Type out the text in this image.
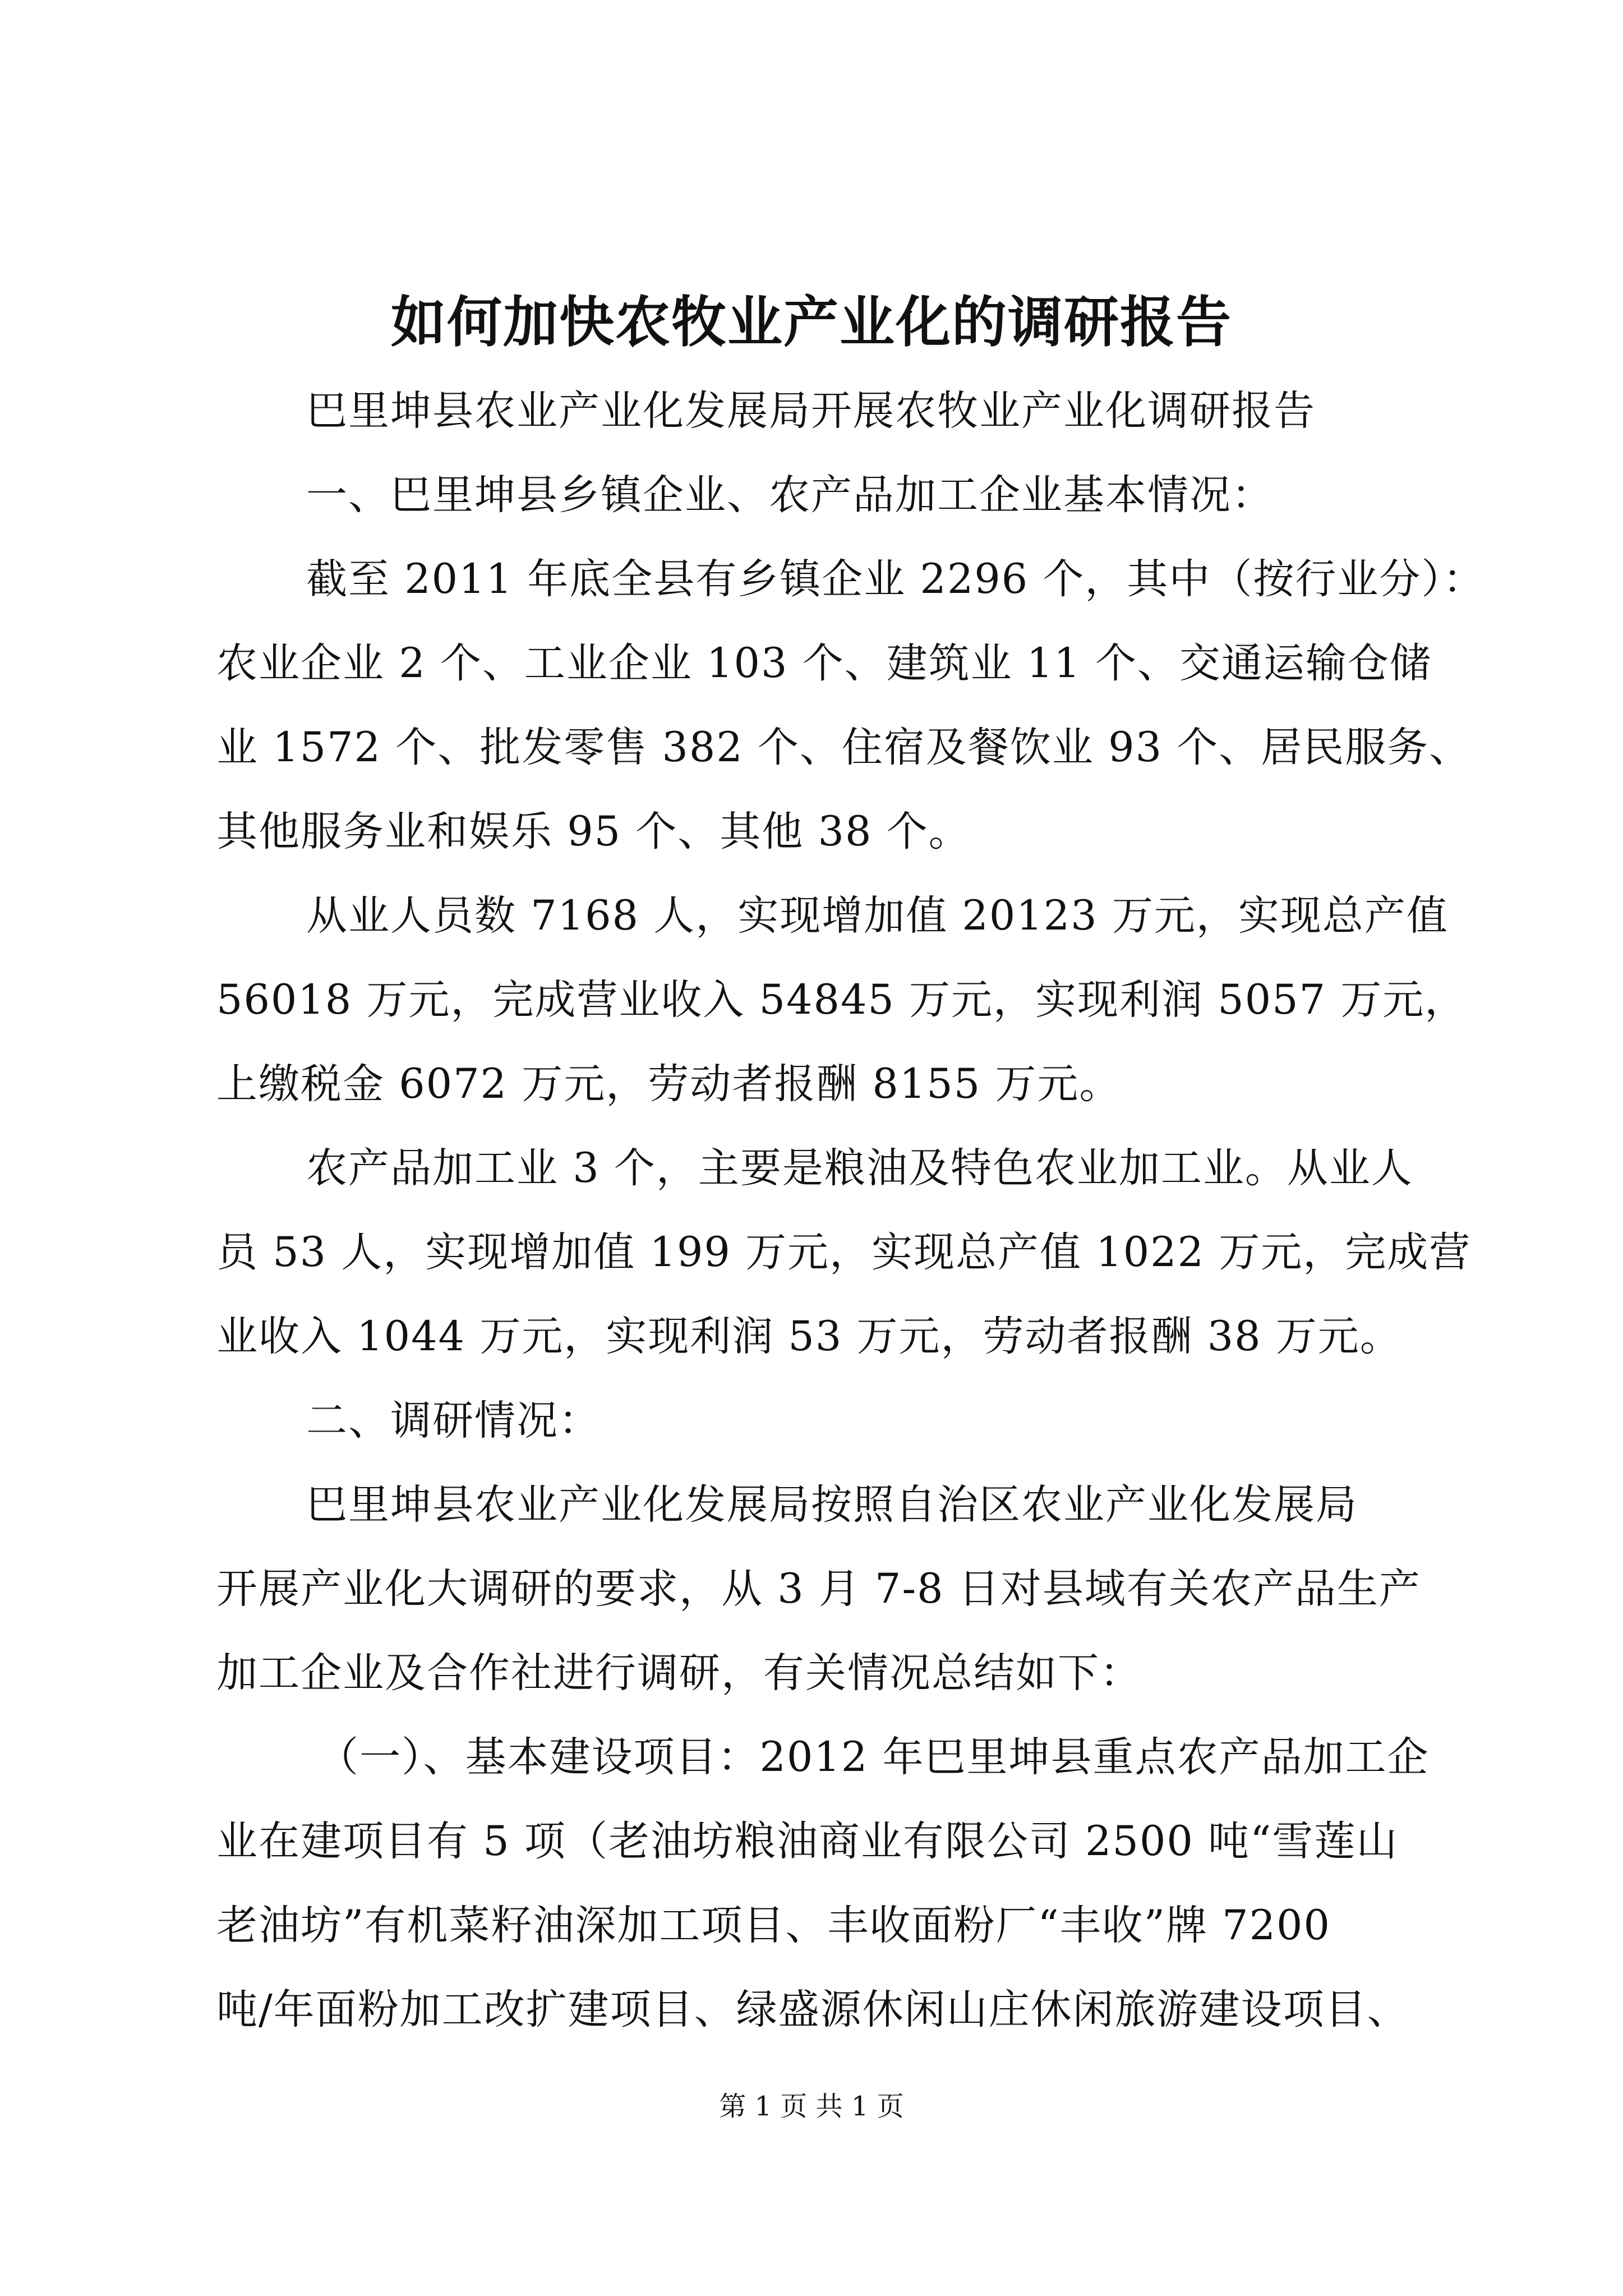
如何加快农牧业产业化的调研报告

巴里坤县农业产业化发展局开展农牧业产业化调研报告

一、巴里坤县乡镇企业、农产品加工企业基本情况：

截至 2011 年底全县有乡镇企业 2296 个，其中（按行业分）：

农业企业 2 个、工业企业 103 个、建筑业 11 个、交通运输仓储

业 1572 个、批发零售 382 个、住宿及餐饮业 93 个、居民服务、

其他服务业和娱乐 95 个、其他 38 个。

从业人员数 7168 人，实现增加值 20123 万元，实现总产值

56018 万元，完成营业收入 54845 万元，实现利润 5057 万元，

上缴税金 6072 万元，劳动者报酬 8155 万元。

农产品加工业 3 个，主要是粮油及特色农业加工业。从业人

员 53 人，实现增加值 199 万元，实现总产值 1022 万元，完成营

业收入 1044 万元，实现利润 53 万元，劳动者报酬 38 万元。

二、调研情况：

巴里坤县农业产业化发展局按照自治区农业产业化发展局

开展产业化大调研的要求，从 3 月 7-8 日对县域有关农产品生产

加工企业及合作社进行调研，有关情况总结如下：

（一）、基本建设项目：2012 年巴里坤县重点农产品加工企

业在建项目有 5 项（老油坊粮油商业有限公司 2500 吨“雪莲山

老油坊”有机菜籽油深加工项目、丰收面粉厂“丰收”牌 7200

吨/年面粉加工改扩建项目、绿盛源休闲山庄休闲旅游建设项目、

第 1 页 共 1 页
